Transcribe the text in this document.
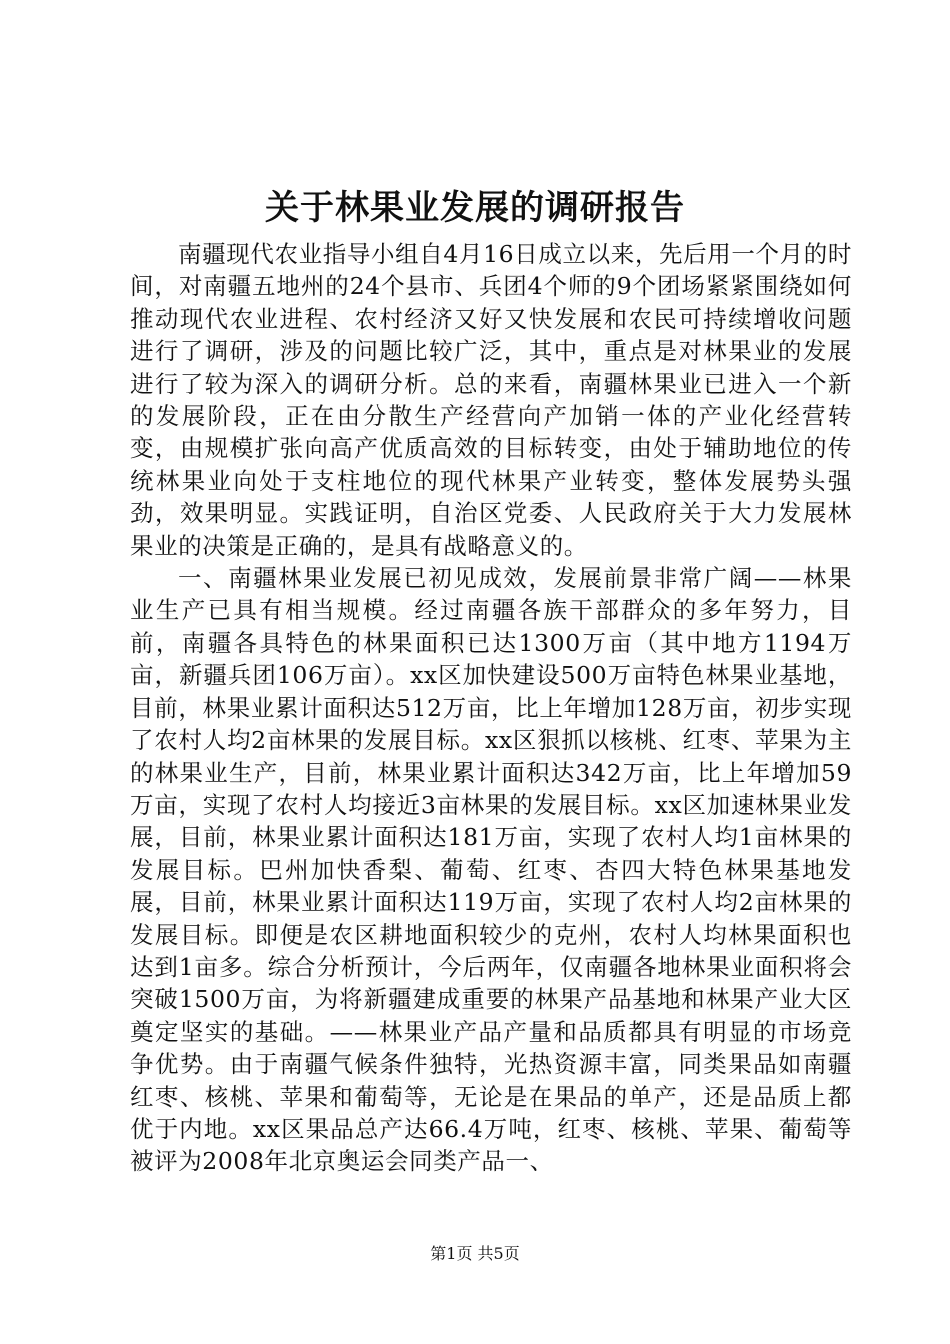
关于林果业发展的调研报告

南疆现代农业指导小组自4月16日成立以来，先后用一个月的时间，对南疆五地州的24个县市、兵团4个师的9个团场紧紧围绕如何推动现代农业进程、农村经济又好又快发展和农民可持续增收问题进行了调研，涉及的问题比较广泛，其中，重点是对林果业的发展进行了较为深入的调研分析。总的来看，南疆林果业已进入一个新的发展阶段，正在由分散生产经营向产加销一体的产业化经营转变，由规模扩张向高产优质高效的目标转变，由处于辅助地位的传统林果业向处于支柱地位的现代林果产业转变，整体发展势头强劲，效果明显。实践证明，自治区党委、人民政府关于大力发展林果业的决策是正确的，是具有战略意义的。

一、南疆林果业发展已初见成效，发展前景非常广阔——林果业生产已具有相当规模。经过南疆各族干部群众的多年努力，目前，南疆各具特色的林果面积已达1300万亩（其中地方1194万亩，新疆兵团106万亩）。xx区加快建设500万亩特色林果业基地，目前，林果业累计面积达512万亩，比上年增加128万亩，初步实现了农村人均2亩林果的发展目标。xx区狠抓以核桃、红枣、苹果为主的林果业生产，目前，林果业累计面积达342万亩，比上年增加59万亩，实现了农村人均接近3亩林果的发展目标。xx区加速林果业发展，目前，林果业累计面积达181万亩，实现了农村人均1亩林果的发展目标。巴州加快香梨、葡萄、红枣、杏四大特色林果基地发展，目前，林果业累计面积达119万亩，实现了农村人均2亩林果的发展目标。即便是农区耕地面积较少的克州，农村人均林果面积也达到1亩多。综合分析预计，今后两年，仅南疆各地林果业面积将会突破1500万亩，为将新疆建成重要的林果产品基地和林果产业大区奠定坚实的基础。——林果业产品产量和品质都具有明显的市场竞争优势。由于南疆气候条件独特，光热资源丰富，同类果品如南疆红枣、核桃、苹果和葡萄等，无论是在果品的单产，还是品质上都优于内地。xx区果品总产达66.4万吨，红枣、核桃、苹果、葡萄等被评为2008年北京奥运会同类产品一、

第1页 共5页
